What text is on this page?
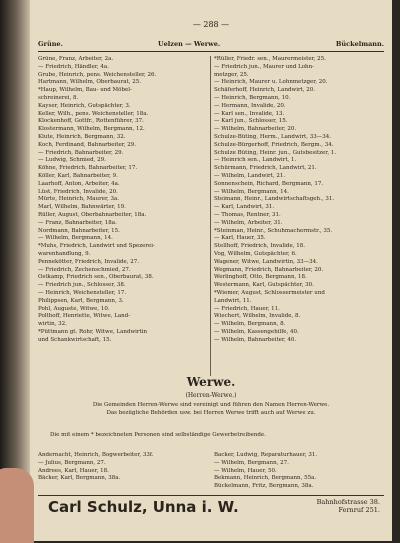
— 288 —
Grüne.	Uelzen — Werwe.	Bückelmann.
Grüne, Franz, Arbeiter, 2a.
— Friedrich, Händler, 4a.
Grube, Heinrich, pens. Weichensteller, 26.
Hartmann, Wilhelm, Oberbaurat, 25.
*Haup, Wilhelm, Bau- und Möbel-
schreinerei, 8.
Kayser, Heinrich, Gutspächter, 3.
Keller, Wilh., pens. Weichensteller, 18a.
Klockenhoff, Gottfr., Rottenführer, 37.
Klostermann, Wilhelm, Bergmann, 12.
Klute, Heinrich, Bergmann, 32.
Koch, Ferdinand, Bahnarbeiter, 29.
— Friedrich, Bahnarbeiter, 29.
— Ludwig, Schmied, 29.
Köhne, Friedrich, Bahnarbeiter, 17.
Köller, Karl, Bahnarbeiter, 9.
Laarhoff, Anton, Arbeiter, 4a.
Lüst, Friedrich, Invalide, 20.
Mürte, Heinrich, Maurer, 3a.
Marl, Wilhelm, Bahnwärter, 19.
Rüller, August, Oberbahnarbeiter, 18a.
— Franz, Bahnarbeiter, 18a.
Nordmann, Bahnarbeiter, 15.
— Wilhelm, Bergmann, 14.
*Muhs, Friedrich, Landwirt und Spezerei-
warenhandlung, 9.
Pennekötter, Friedrich, Invalide, 27.
— Friedrich, Zechenschmied, 27.
Ostkamp, Friedrich sen., Oberbaurat, 38.
— Friedrich jun., Schlosser, 38.
— Heinrich, Weichensteller, 17.
Philippsen, Karl, Bergmann, 3.
Pohl, Auguste, Witwe, 10.
Polthoff, Henriette, Witwe, Land-
wirtin, 32.
*Püttmann gt. Rohr, Witwe, Landwirtin
und Schankwirtschaft, 15.
*Rüller, Friedr. sen., Maurermeister, 25.
— Friedrich jun., Maurer und Lohn-
metzger, 25.
— Heinrich, Maurer u. Lohnmetzger, 20.
Schäferhoff, Heinrich, Landwirt, 20.
— Heinrich, Bergmann, 10.
— Hermann, Invalide, 20.
— Karl sen., Invalide, 13.
— Karl jun., Schlosser, 15.
— Wilhelm, Bahnarbeiter, 20.
Schulze-Büting, Herm., Landwirt, 33—34.
Schulze-Bürgerhoff, Friedrich, Bergm., 34.
Schulze Büting, Heinr. jun., Gutsbesitzer, 1.
— Heinrich sen., Landwirt, 1.
Schürmann, Friedrich, Landwirt, 21.
— Wilhelm, Landwirt, 21.
Sonnenschein, Richard, Bergmann, 17.
— Wilhelm, Bergmann, 14.
Steimann, Heinr., Landwirtschaftsgeh., 31.
— Karl, Landwirt, 31.
— Thomas, Rentner, 31.
— Wilhelm, Arbeiter, 31.
*Steinman, Heinr., Schuhmachermstr., 35.
— Karl, Hauer, 35.
Stellhoff, Friedrich, Invalide, 18.
Vog, Wilhelm, Gutspächter, 6.
Wagener, Witwe, Landwirtin, 33—34.
Wegmann, Friedrich, Bahnarbeiter, 20.
Werlinghoff, Otto, Bergmann, 18.
Westermann, Karl, Gutspächter, 30.
*Wiemer, August, Schlossermeister und
Landwirt, 11.
— Friedrich, Hauer, 11.
Wiechert, Wilhelm, Invalide, 8.
— Wilhelm, Bergmann, 8.
— Wilhelm, Kassengehilfe, 40.
— Wilhelm, Bahnarbeiter, 40.
Werwe.
(Herren-Werwe.)
Die Gemeinden Herren-Werwe sind vereinigt und führen den Namen Herren-Werwe.
Das bezügliche Behörden usw. bei Herren Werwe trifft auch auf Werwe zu.
Die mit einem * bezeichneten Personen sind selbständige Gewerbetreibende.
Andernacht, Heinrich, Bogwerbeiter, 33f.
— Julius, Bergmann, 27.
Andrees, Karl, Hauer, 18.
Bäcker, Karl, Bergmann, 38a.
Backer, Ludwig, Reparaturhauer, 31.
— Wilhelm, Bergmann, 27.
— Wilhelm, Hauer, 50.
Bekmann, Heinrich, Bergmann, 55a.
Bückelmann, Fritz, Bergmann, 38a.
Carl Schulz, Unna i. W.	Bahnhofstrasse 38.
Fernruf 251.
